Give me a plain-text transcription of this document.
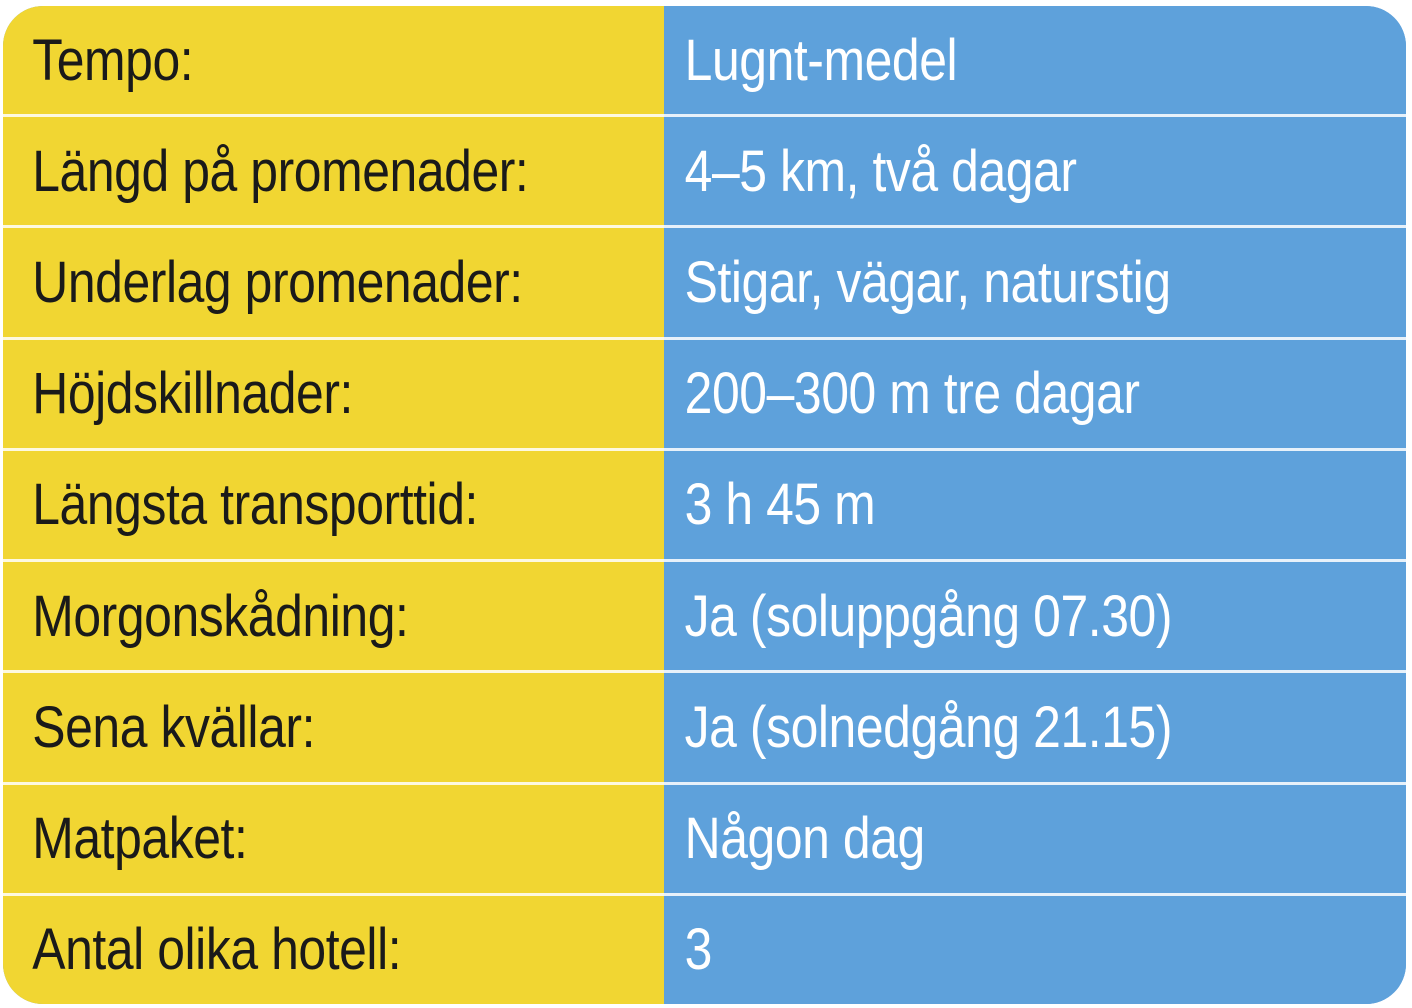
Tempo:	Lugnt-medel
Längd på promenader:	4–5 km, två dagar
Underlag promenader:	Stigar, vägar, naturstig
Höjdskillnader:	200–300 m tre dagar
Längsta transporttid:	3 h 45 m
Morgonskådning:	Ja (soluppgång 07.30)
Sena kvällar:	Ja (solnedgång 21.15)
Matpaket:	Någon dag
Antal olika hotell:	3
